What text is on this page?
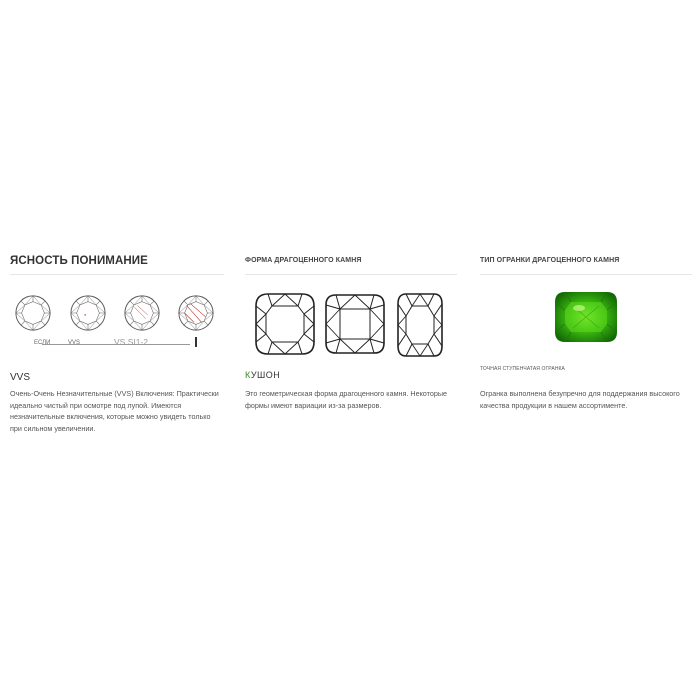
ЯСНОСТЬ ПОНИМАНИЕ
ЕСЛИ	VVS	VS SI1-2
VVS
Очень-Очень Незначительные (VVS) Включения: Практически идеально чистый при осмотре под лупой. Имеются незначительные включения, которые можно увидеть только при сильном увеличении.
ФОРМА ДРАГОЦЕННОГО КАМНЯ
КУШОН
Это геометрическая форма драгоценного камня. Некоторые формы имеют вариации из-за размеров.
ТИП ОГРАНКИ ДРАГОЦЕННОГО КАМНЯ
ТОЧНАЯ СТУПЕНЧАТАЯ ОГРАНКА
Огранка выполнена безупречно для поддержания высокого качества продукции в нашем ассортименте.
